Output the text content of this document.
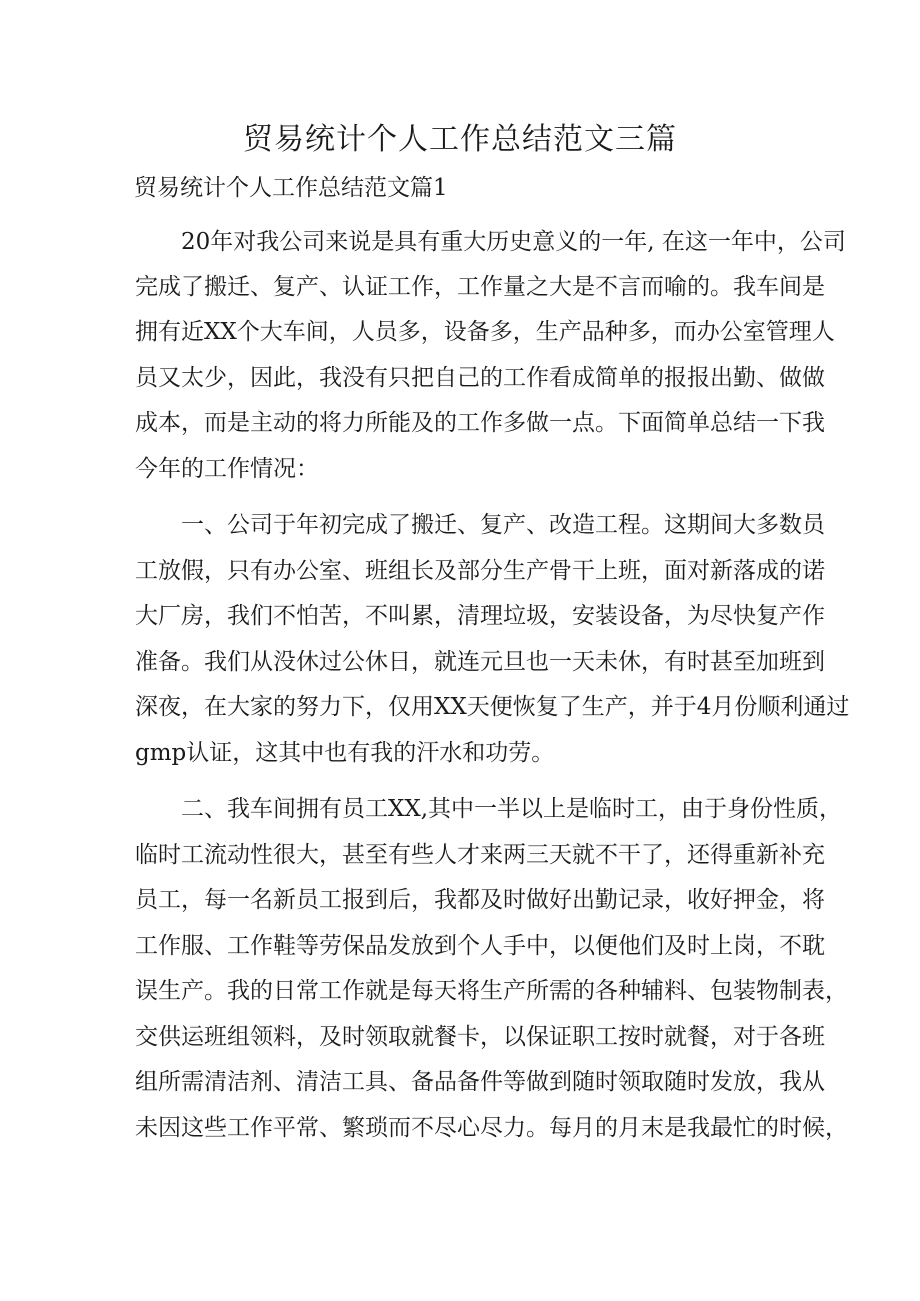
贸易统计个人工作总结范文三篇
贸易统计个人工作总结范文篇1
20年对我公司来说是具有重大历史意义的一年, 在这一年中，公司
完成了搬迁、复产、认证工作，工作量之大是不言而喻的。我车间是
拥有近XX个大车间，人员多，设备多，生产品种多，而办公室管理人
员又太少，因此，我没有只把自己的工作看成简单的报报出勤、做做
成本，而是主动的将力所能及的工作多做一点。下面简单总结一下我
今年的工作情况：
一、公司于年初完成了搬迁、复产、改造工程。这期间大多数员
工放假，只有办公室、班组长及部分生产骨干上班，面对新落成的诺
大厂房，我们不怕苦，不叫累，清理垃圾，安装设备，为尽快复产作
准备。我们从没休过公休日，就连元旦也一天未休，有时甚至加班到
深夜，在大家的努力下，仅用XX天便恢复了生产，并于4月份顺利通过
gmp认证，这其中也有我的汗水和功劳。
二、我车间拥有员工XX,其中一半以上是临时工，由于身份性质，
临时工流动性很大，甚至有些人才来两三天就不干了，还得重新补充
员工，每一名新员工报到后，我都及时做好出勤记录，收好押金，将
工作服、工作鞋等劳保品发放到个人手中，以便他们及时上岗，不耽
误生产。我的日常工作就是每天将生产所需的各种辅料、包装物制表，
交供运班组领料，及时领取就餐卡，以保证职工按时就餐，对于各班
组所需清洁剂、清洁工具、备品备件等做到随时领取随时发放，我从
未因这些工作平常、繁琐而不尽心尽力。每月的月末是我最忙的时候，
